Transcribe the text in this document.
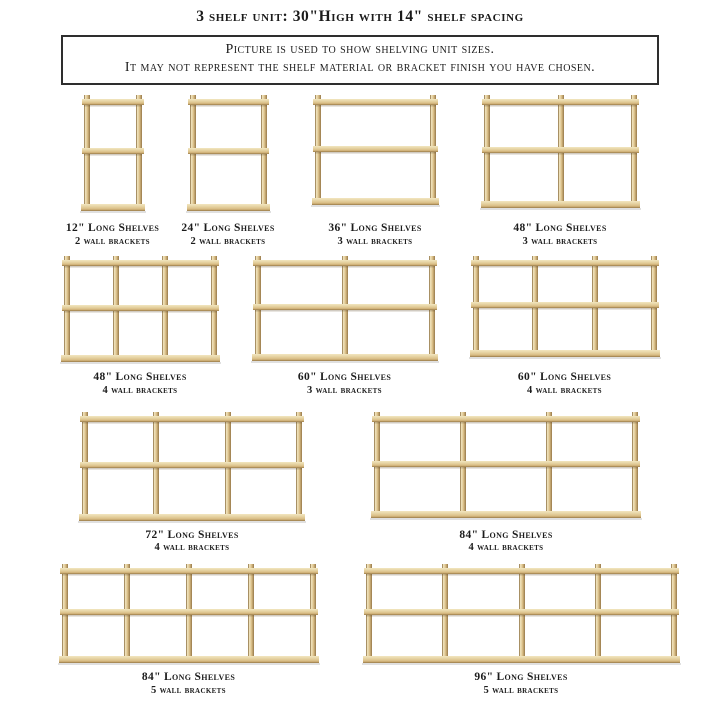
3 shelf unit: 30"High with 14" shelf spacing
Picture is used to show shelving unit sizes.
It may not represent the shelf material or bracket finish you have chosen.
12" Long Shelves
2 wall brackets
24" Long Shelves
2 wall brackets
36" Long Shelves
3 wall brackets
48" Long Shelves
3 wall brackets
48" Long Shelves
4 wall brackets
60" Long Shelves
3 wall brackets
60" Long Shelves
4 wall brackets
72" Long Shelves
4 wall brackets
84" Long Shelves
4 wall brackets
84" Long Shelves
5 wall brackets
96" Long Shelves
5 wall brackets
